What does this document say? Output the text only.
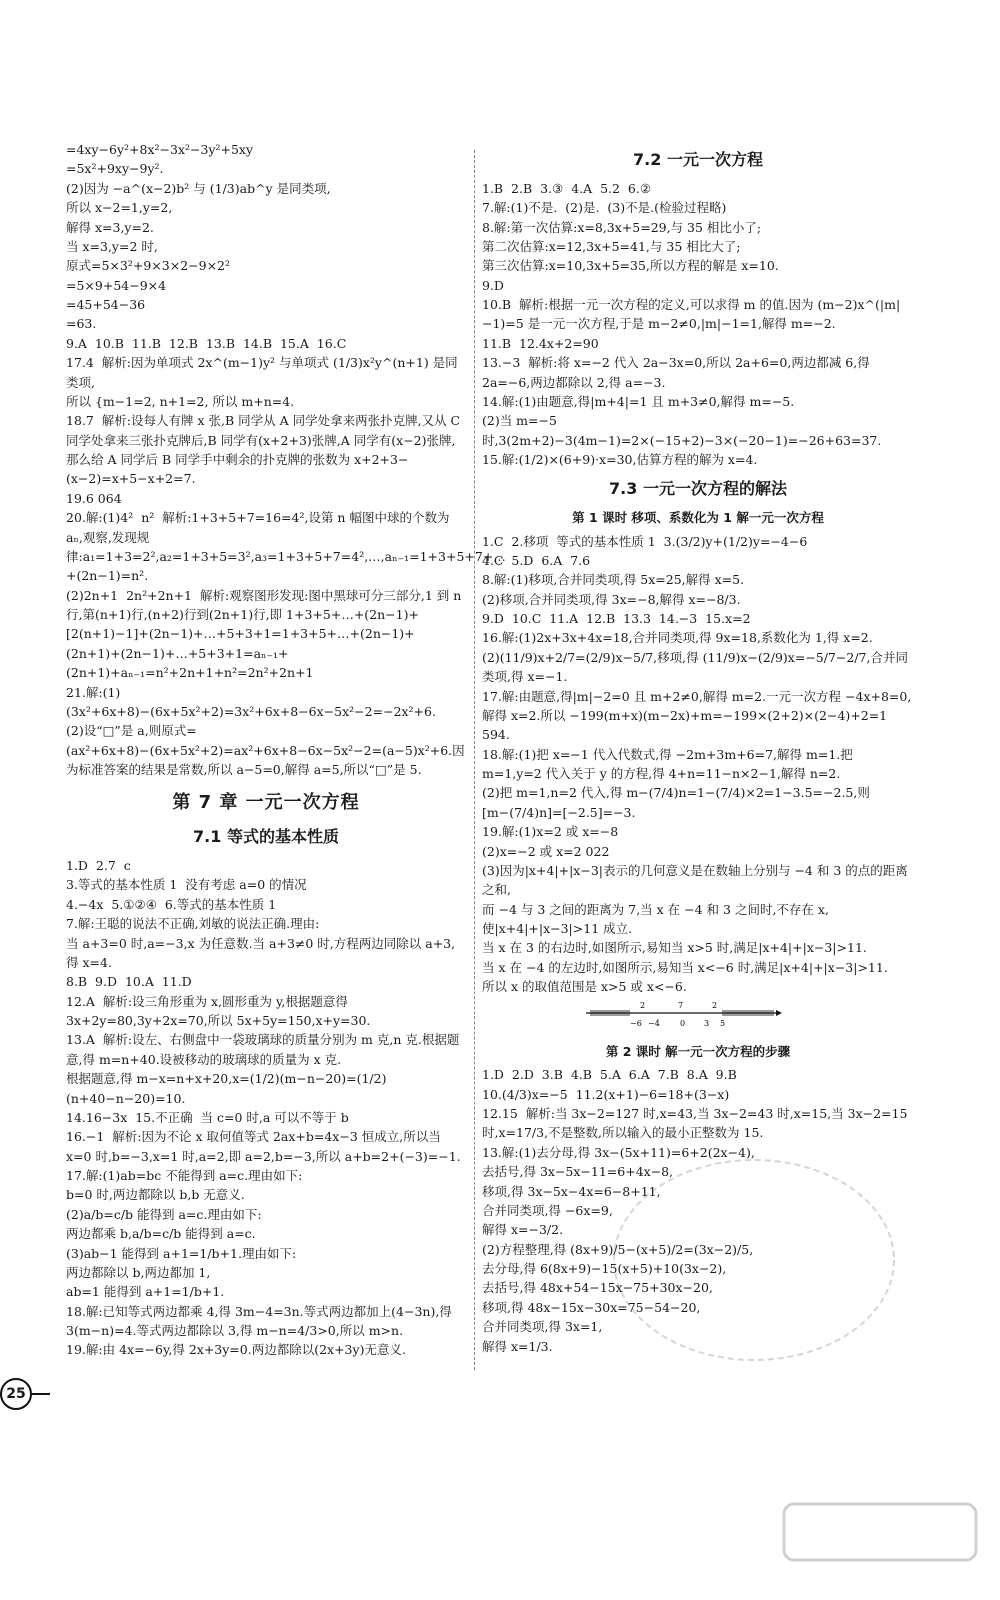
=4xy−6y²+8x²−3x²−3y²+5xy
=5x²+9xy−9y².
(2)因为 −a^(x−2)b² 与 (1/3)ab^y 是同类项,
所以 x−2=1,y=2,
解得 x=3,y=2.
当 x=3,y=2 时,
原式=5×3²+9×3×2−9×2²
=5×9+54−9×4
=45+54−36
=63.
9.A  10.B  11.B  12.B  13.B  14.B  15.A  16.C
17.4  解析:因为单项式 2x^(m−1)y² 与单项式 (1/3)x²y^(n+1) 是同类项,
所以 {m−1=2, n+1=2, 所以 m+n=4.
18.7  解析:设每人有牌 x 张,B 同学从 A 同学处拿来两张扑克牌,又从 C 同学处拿来三张扑克牌后,B 同学有(x+2+3)张牌,A 同学有(x−2)张牌,那么给 A 同学后 B 同学手中剩余的扑克牌的张数为 x+2+3−(x−2)=x+5−x+2=7.
19.6 064
20.解:(1)4²  n²  解析:1+3+5+7=16=4²,设第 n 幅图中球的个数为 aₙ,观察,发现规律:a₁=1+3=2²,a₂=1+3+5=3²,a₃=1+3+5+7=4²,…,aₙ₋₁=1+3+5+7+…+(2n−1)=n².
(2)2n+1  2n²+2n+1  解析:观察图形发现:图中黑球可分三部分,1 到 n 行,第(n+1)行,(n+2)行到(2n+1)行,即 1+3+5+…+(2n−1)+[2(n+1)−1]+(2n−1)+…+5+3+1=1+3+5+…+(2n−1)+(2n+1)+(2n−1)+…+5+3+1=aₙ₋₁+(2n+1)+aₙ₋₁=n²+2n+1+n²=2n²+2n+1
21.解:(1)(3x²+6x+8)−(6x+5x²+2)=3x²+6x+8−6x−5x²−2=−2x²+6.
(2)设“□”是 a,则原式=(ax²+6x+8)−(6x+5x²+2)=ax²+6x+8−6x−5x²−2=(a−5)x²+6.因为标准答案的结果是常数,所以 a−5=0,解得 a=5,所以“□”是 5.
第 7 章 一元一次方程
7.1 等式的基本性质
1.D  2.7  c
3.等式的基本性质 1  没有考虑 a=0 的情况
4.−4x  5.①②④  6.等式的基本性质 1
7.解:王聪的说法不正确,刘敏的说法正确.理由:
当 a+3=0 时,a=−3,x 为任意数.当 a+3≠0 时,方程两边同除以 a+3,得 x=4.
8.B  9.D  10.A  11.D
12.A  解析:设三角形重为 x,圆形重为 y,根据题意得 3x+2y=80,3y+2x=70,所以 5x+5y=150,x+y=30.
13.A  解析:设左、右侧盘中一袋玻璃球的质量分别为 m 克,n 克.根据题意,得 m=n+40.设被移动的玻璃球的质量为 x 克.
根据题意,得 m−x=n+x+20,x=(1/2)(m−n−20)=(1/2)(n+40−n−20)=10.
14.16−3x  15.不正确  当 c=0 时,a 可以不等于 b
16.−1  解析:因为不论 x 取何值等式 2ax+b=4x−3 恒成立,所以当 x=0 时,b=−3,x=1 时,a=2,即 a=2,b=−3,所以 a+b=2+(−3)=−1.
17.解:(1)ab=bc 不能得到 a=c.理由如下:
b=0 时,两边都除以 b,b 无意义.
(2)a/b=c/b 能得到 a=c.理由如下:
两边都乘 b,a/b=c/b 能得到 a=c.
(3)ab−1 能得到 a+1=1/b+1.理由如下:
两边都除以 b,两边都加 1,
ab=1 能得到 a+1=1/b+1.
18.解:已知等式两边都乘 4,得 3m−4=3n.等式两边都加上(4−3n),得 3(m−n)=4.等式两边都除以 3,得 m−n=4/3>0,所以 m>n.
19.解:由 4x=−6y,得 2x+3y=0.两边都除以(2x+3y)无意义.
7.2 一元一次方程
1.B  2.B  3.③  4.A  5.2  6.②
7.解:(1)不是.  (2)是.  (3)不是.(检验过程略)
8.解:第一次估算:x=8,3x+5=29,与 35 相比小了;
第二次估算:x=12,3x+5=41,与 35 相比大了;
第三次估算:x=10,3x+5=35,所以方程的解是 x=10.
9.D
10.B  解析:根据一元一次方程的定义,可以求得 m 的值.因为 (m−2)x^(|m|−1)=5 是一元一次方程,于是 m−2≠0,|m|−1=1,解得 m=−2.
11.B  12.4x+2=90
13.−3  解析:将 x=−2 代入 2a−3x=0,所以 2a+6=0,两边都减 6,得 2a=−6,两边都除以 2,得 a=−3.
14.解:(1)由题意,得|m+4|=1 且 m+3≠0,解得 m=−5.
(2)当 m=−5 时,3(2m+2)−3(4m−1)=2×(−15+2)−3×(−20−1)=−26+63=37.
15.解:(1/2)×(6+9)·x=30,估算方程的解为 x=4.
7.3 一元一次方程的解法
第 1 课时 移项、系数化为 1 解一元一次方程
1.C  2.移项  等式的基本性质 1  3.(3/2)y+(1/2)y=−4−6
4.C  5.D  6.A  7.6
8.解:(1)移项,合并同类项,得 5x=25,解得 x=5.
(2)移项,合并同类项,得 3x=−8,解得 x=−8/3.
9.D  10.C  11.A  12.B  13.3  14.−3  15.x=2
16.解:(1)2x+3x+4x=18,合并同类项,得 9x=18,系数化为 1,得 x=2.
(2)(11/9)x+2/7=(2/9)x−5/7,移项,得 (11/9)x−(2/9)x=−5/7−2/7,合并同类项,得 x=−1.
17.解:由题意,得|m|−2=0 且 m+2≠0,解得 m=2.一元一次方程 −4x+8=0,解得 x=2.所以 −199(m+x)(m−2x)+m=−199×(2+2)×(2−4)+2=1 594.
18.解:(1)把 x=−1 代入代数式,得 −2m+3m+6=7,解得 m=1.把 m=1,y=2 代入关于 y 的方程,得 4+n=11−n×2−1,解得 n=2.
(2)把 m=1,n=2 代入,得 m−(7/4)n=1−(7/4)×2=1−3.5=−2.5,则[m−(7/4)n]=[−2.5]=−3.
19.解:(1)x=2 或 x=−8
(2)x=−2 或 x=2 022
(3)因为|x+4|+|x−3|表示的几何意义是在数轴上分别与 −4 和 3 的点的距离之和,
而 −4 与 3 之间的距离为 7,当 x 在 −4 和 3 之间时,不存在 x,使|x+4|+|x−3|>11 成立.
当 x 在 3 的右边时,如图所示,易知当 x>5 时,满足|x+4|+|x−3|>11.
当 x 在 −4 的左边时,如图所示,易知当 x<−6 时,满足|x+4|+|x−3|>11.
所以 x 的取值范围是 x>5 或 x<−6.
−6 −4	0 3 5
2	7	2
第 2 课时 解一元一次方程的步骤
1.D  2.D  3.B  4.B  5.A  6.A  7.B  8.A  9.B
10.(4/3)x=−5  11.2(x+1)−6=18+(3−x)
12.15  解析:当 3x−2=127 时,x=43,当 3x−2=43 时,x=15,当 3x−2=15 时,x=17/3,不是整数,所以输入的最小正整数为 15.
13.解:(1)去分母,得 3x−(5x+11)=6+2(2x−4),
去括号,得 3x−5x−11=6+4x−8,
移项,得 3x−5x−4x=6−8+11,
合并同类项,得 −6x=9,
解得 x=−3/2.
(2)方程整理,得 (8x+9)/5−(x+5)/2=(3x−2)/5,
去分母,得 6(8x+9)−15(x+5)+10(3x−2),
去括号,得 48x+54−15x−75+30x−20,
移项,得 48x−15x−30x=75−54−20,
合并同类项,得 3x=1,
解得 x=1/3.
25
